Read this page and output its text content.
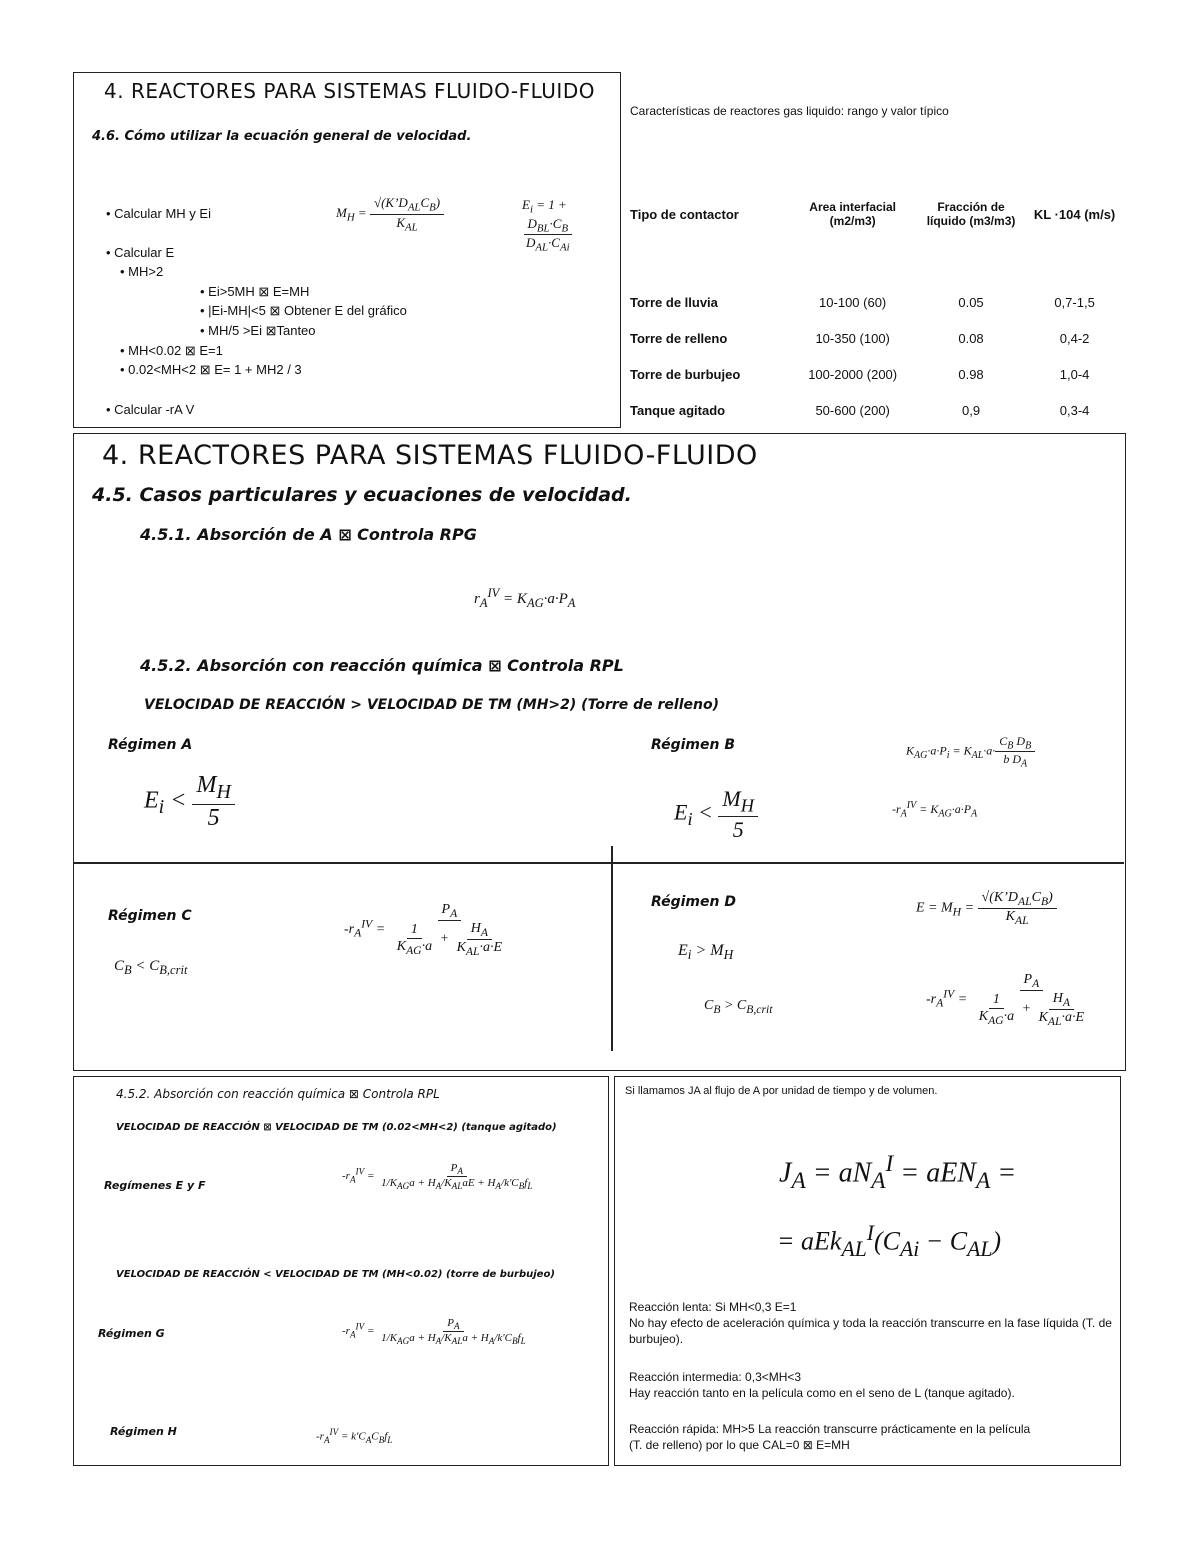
4. REACTORES PARA SISTEMAS FLUIDO-FLUIDO
4.6. Cómo utilizar la ecuación general de velocidad.
• Calcular MH y Ei	$M_H = \frac{√(K’D_{AL}C_B)}{K_{AL}}$	$E_i = 1$ +
$\frac{D_{BL}\cdot C_B}{D_{AL}\cdot C_{Ai}}$
• Calcular E
• MH>2
• Ei>5MH ⊠ E=MH
• |Ei-MH|<5 ⊠ Obtener E del gráfico
• MH/5 >Ei ⊠Tanteo
• MH<0.02 ⊠ E=1
• 0.02<MH<2 ⊠ E= 1 + MH2 / 3
• Calcular -rA V
Características de reactores gas liquido: rango y valor típico
Tipo de contactor	Area interfacial (m2/m3)	Fracción de líquido (m3/m3)	KL ·104 (m/s)

Torre de lluvia	10-100 (60)	0.05	0,7-1,5
Torre de relleno	10-350 (100)	0.08	0,4-2
Torre de burbujeo	100-2000 (200)	0.98	1,0-4
Tanque agitado	50-600 (200)	0,9	0,3-4
4. REACTORES PARA SISTEMAS FLUIDO-FLUIDO
4.5. Casos particulares y ecuaciones de velocidad.
4.5.1. Absorción de A ⊠ Controla RPG
$r_A^{IV} = K_{AG}\cdot a\cdot P_A$
4.5.2. Absorción con reacción química ⊠ Controla RPL
VELOCIDAD DE REACCIÓN > VELOCIDAD DE TM (MH>2) (Torre de relleno)
Régimen A
$E_i < \frac{M_H}{5}$
Régimen B
$E_i < \frac{M_H}{5}$
$K_{AG}\cdot a\cdot P_i = K_{AL}\cdot a\cdot \frac{C_B D_B}{b D_A}$
$-r_A^{IV} = K_{AG}\cdot a\cdot P_A$
Régimen C
$C_B < C_{B,crit}$
$-r_A^{IV} = \frac{P_A}{\frac{1}{K_{AG}\cdot a} + \frac{H_A}{K_{AL}\cdot a\cdot E}}$	Régimen D
$E_i > M_H$
$C_B > C_{B,crit}$
$E = M_H = \frac{√(K’D_{AL}C_B)}{K_{AL}}$
$-r_A^{IV} = \frac{P_A}{\frac{1}{K_{AG}\cdot a} + \frac{H_A}{K_{AL}\cdot a\cdot E}}$
4.5.2. Absorción con reacción química ⊠ Controla RPL
VELOCIDAD DE REACCIÓN ⊠ VELOCIDAD DE TM (0.02<MH<2) (tanque agitado)
Regímenes E y F
$-r_A^{IV} = \frac{P_A}{1/K_{AG}a + H_A/K_{AL}aE + H_A/k'C_Bf_L}$
VELOCIDAD DE REACCIÓN < VELOCIDAD DE TM (MH<0.02) (torre de burbujeo)
Régimen G	$-r_A^{IV} = \frac{P_A}{1/K_{AG}a + H_A/K_{AL}a + H_A/k'C_Bf_L}$
Régimen H	$-r_A^{IV} = k'C_AC_Bf_L$
Si llamamos JA al flujo de A por unidad de tiempo y de volumen.
$J_A = aN_A^I = aEN_A$ =
= $aEk_{AL}^I(C_{Ai} - C_{AL})$
Reacción lenta: Si MH<0,3 E=1
No hay efecto de aceleración química y toda la reacción transcurre en la fase líquida (T. de burbujeo).
Reacción intermedia: 0,3<MH<3
Hay reacción tanto en la película como en el seno de L (tanque agitado).
Reacción rápida: MH>5 La reacción transcurre prácticamente en la película
(T. de relleno) por lo que CAL=0 ⊠ E=MH
